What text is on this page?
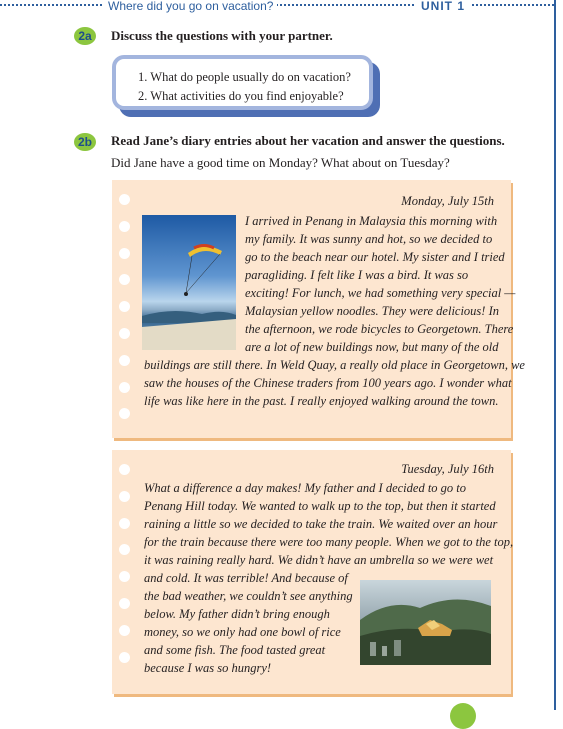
Where did you go on vacation?	UNIT 1
2a	Discuss the questions with your partner.
1. What do people usually do on vacation?
2. What activities do you find enjoyable?
2b	Read Jane’s diary entries about her vacation and answer the questions.
Did Jane have a good time on Monday? What about on Tuesday?
Monday, July 15th
I arrived in Penang in Malaysia this morning with
my family. It was sunny and hot, so we decided to
go to the beach near our hotel. My sister and I tried
paragliding. I felt like I was a bird. It was so
exciting! For lunch, we had something very special —
Malaysian yellow noodles. They were delicious! In
the afternoon, we rode bicycles to Georgetown. There
are a lot of new buildings now, but many of the old
buildings are still there. In Weld Quay, a really old place in Georgetown, we
saw the houses of the Chinese traders from 100 years ago. I wonder what
life was like here in the past. I really enjoyed walking around the town.
Tuesday, July 16th
What a difference a day makes! My father and I decided to go to
Penang Hill today. We wanted to walk up to the top, but then it started
raining a little so we decided to take the train. We waited over an hour
for the train because there were too many people. When we got to the top,
it was raining really hard. We didn’t have an umbrella so we were wet
and cold. It was terrible! And because of
the bad weather, we couldn’t see anything
below. My father didn’t bring enough
money, so we only had one bowl of rice
and some fish. The food tasted great
because I was so hungry!
